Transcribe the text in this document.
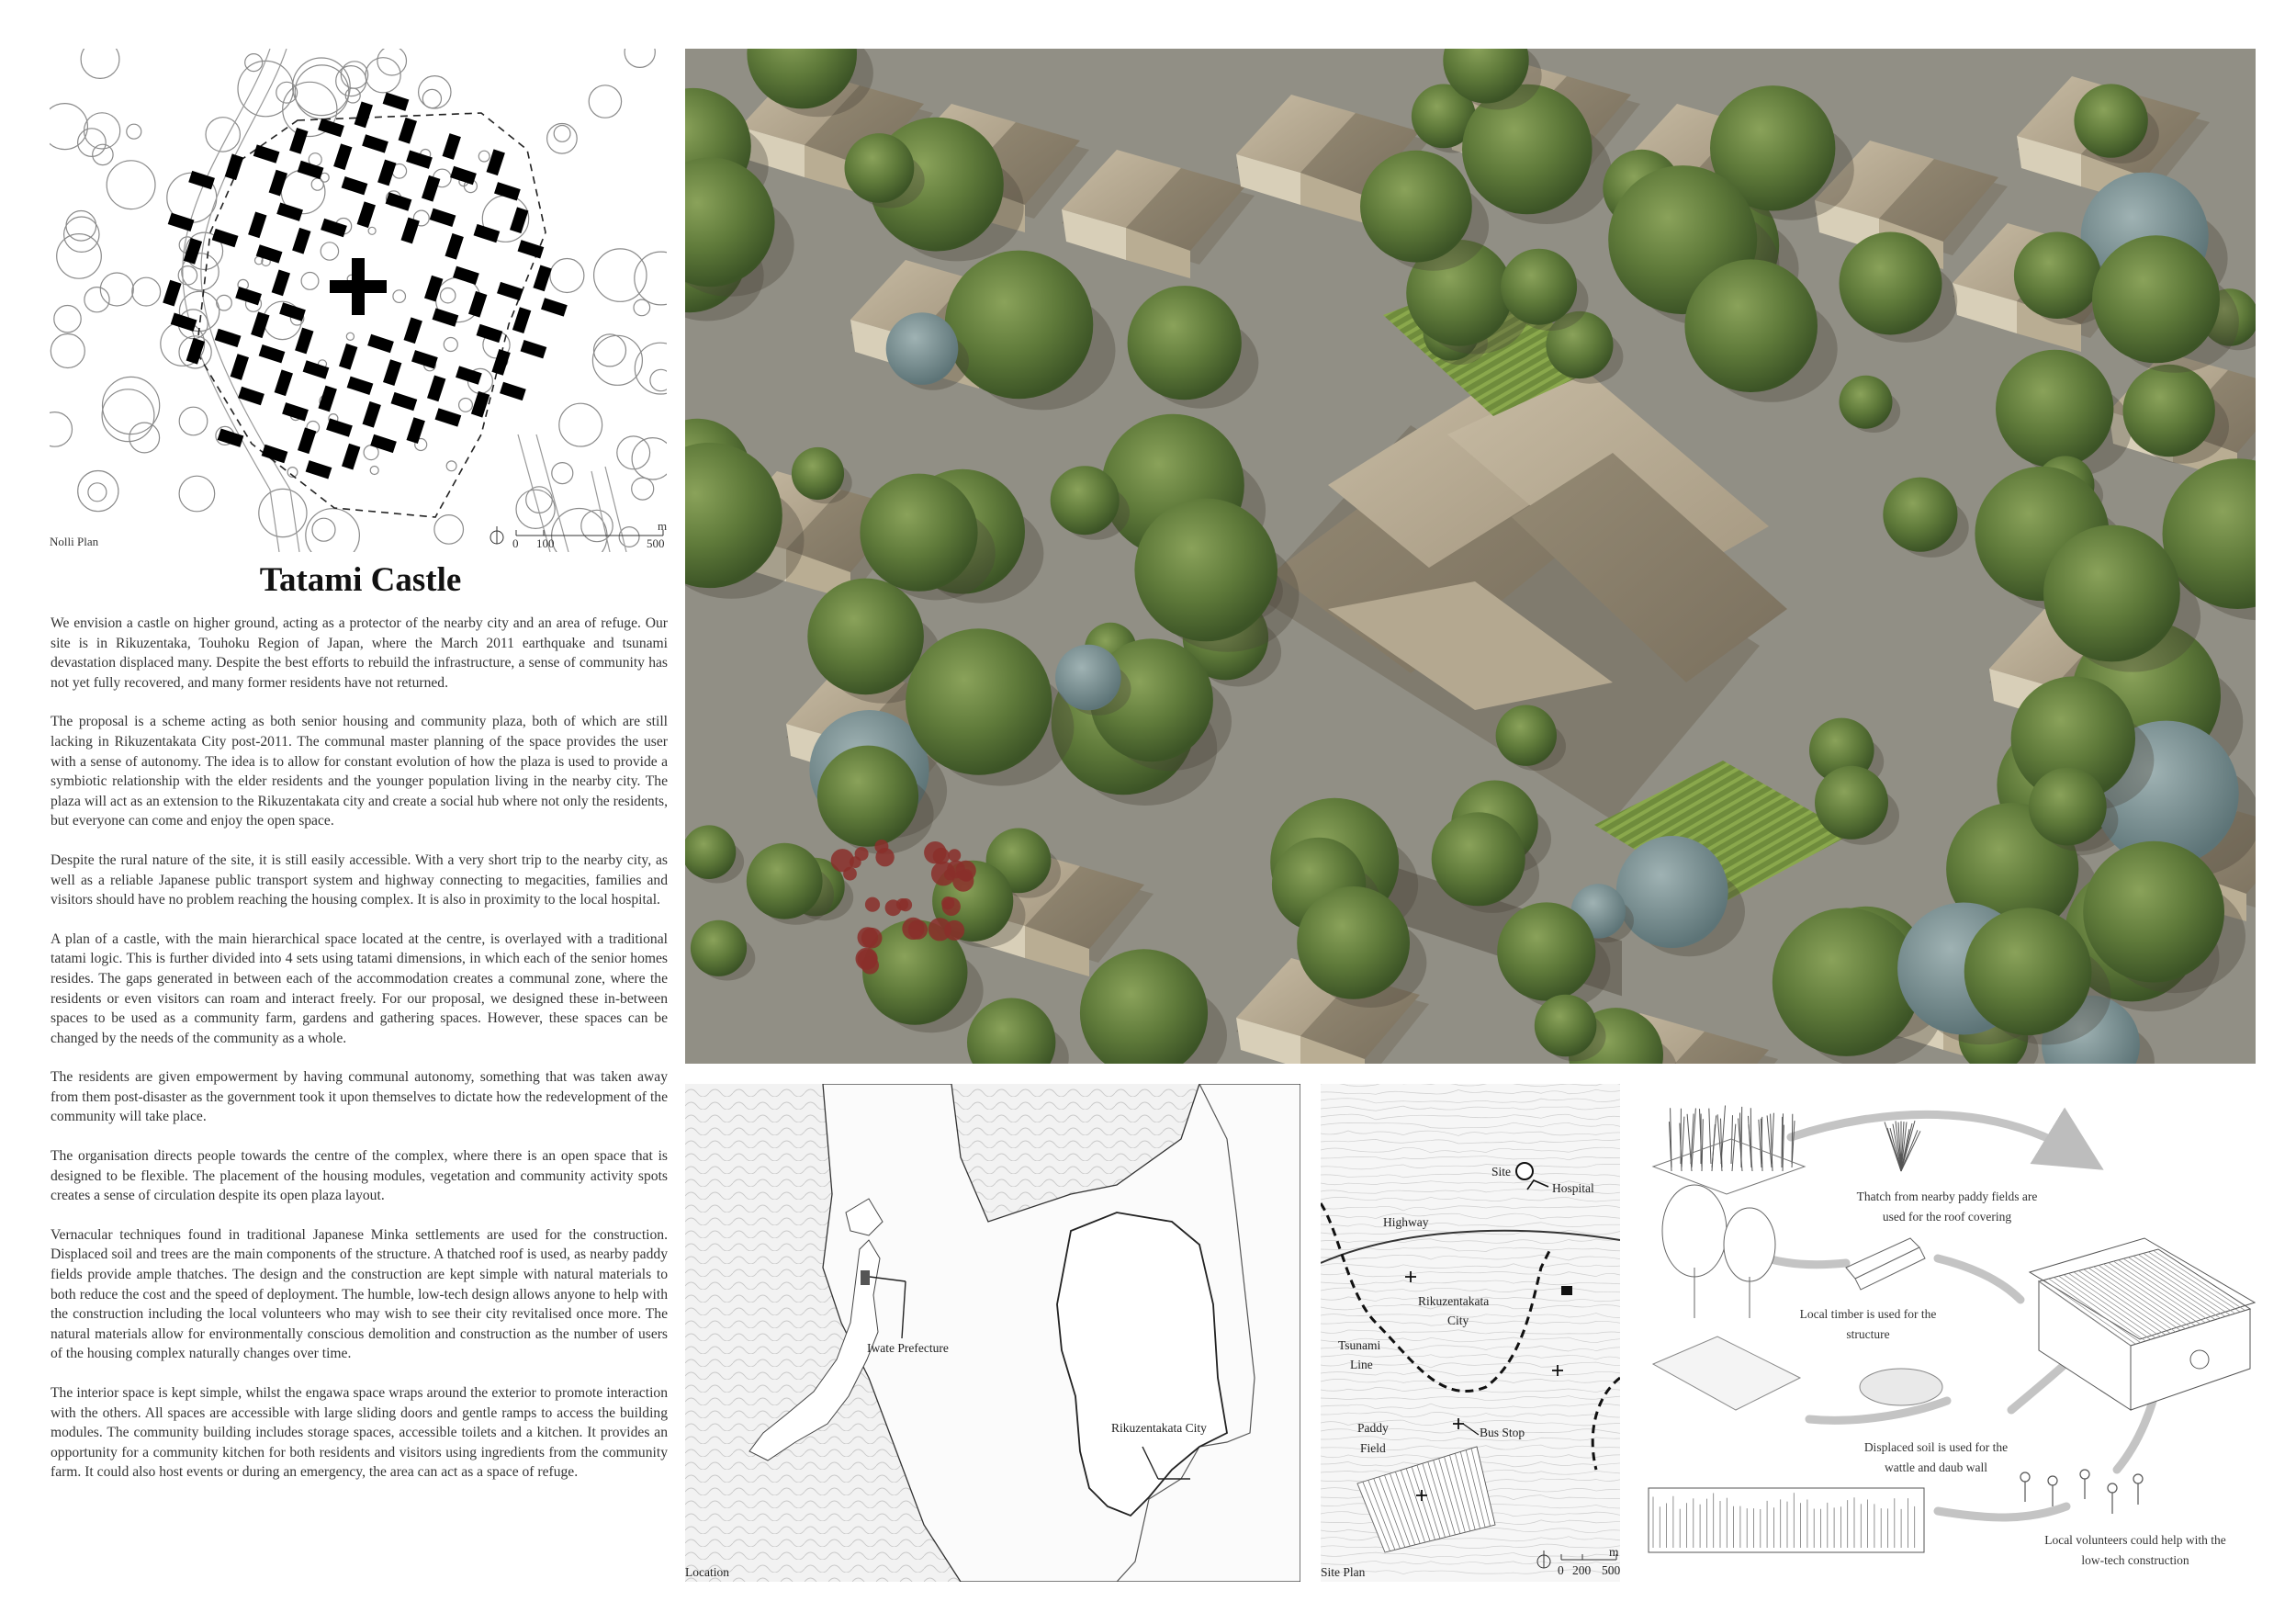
Nolli Plan
m
0 100	500
Tatami Castle

We envision a castle on higher ground, acting as a protector of the nearby city and an area of refuge. Our site is in Rikuzentaka, Touhoku Region of Japan, where the March 2011 earthquake and tsunami devastation displaced many. Despite the best efforts to rebuild the infrastructure, a sense of community has not yet fully recovered, and many former residents have not returned.

The proposal is a scheme acting as both senior housing and community plaza, both of which are still lacking in Rikuzentakata City post-2011. The communal master planning of the space provides the user with a sense of autonomy. The idea is to allow for constant evolution of how the plaza is used to provide a symbiotic relationship with the elder residents and the younger population living in the nearby city. The plaza will act as an extension to the Rikuzentakata city and create a social hub where not only the residents, but everyone can come and enjoy the open space.

Despite the rural nature of the site, it is still easily accessible. With a very short trip to the nearby city, as well as a reliable Japanese public transport system and highway connecting to megacities, families and visitors should have no problem reaching the housing complex. It is also in proximity to the local hospital.

A plan of a castle, with the main hierarchical space located at the centre, is overlayed with a traditional tatami logic. This is further divided into 4 sets using tatami dimensions, in which each of the senior homes resides. The gaps generated in between each of the accommodation creates a communal zone, where the residents or even visitors can roam and interact freely. For our proposal, we designed these in-between spaces to be used as a community farm, gardens and gathering spaces. However, these spaces can be changed by the needs of the community as a whole.

The residents are given empowerment by having communal autonomy, something that was taken away from them post-disaster as the government took it upon themselves to dictate how the redevelopment of the community will take place.

The organisation directs people towards the centre of the complex, where there is an open space that is designed to be flexible. The placement of the housing modules, vegetation and community activity spots creates a sense of circulation despite its open plaza layout.

Vernacular techniques found in traditional Japanese Minka settlements are used for the construction. Displaced soil and trees are the main components of the structure. A thatched roof is used, as nearby paddy fields provide ample thatches. The design and the construction are kept simple with natural materials to both reduce the cost and the speed of deployment. The humble, low-tech design allows anyone to help with the construction including the local volunteers who may wish to see their city revitalised once more. The natural materials allow for environmentally conscious demolition and construction as the number of users of the housing complex naturally changes over time.

The interior space is kept simple, whilst the engawa space wraps around the exterior to promote interaction with the others. All spaces are accessible with large sliding doors and gentle ramps to access the building modules. The community building includes storage spaces, accessible toilets and a kitchen. It provides an opportunity for a community kitchen for both residents and visitors using ingredients from the community farm. It could also host events or during an emergency, the area can act as a space of refuge.

Location
Iwate Prefecture
Rikuzentakata City
Site Plan
Site
Hospital
Highway
Rikuzentakata
City
Tsunami
Line
Paddy
Field
Bus Stop
m
0 200 500
Thatch from nearby paddy fields are
used for the roof covering
Local timber is used for the
structure
Displaced soil is used for the
wattle and daub wall
Local volunteers could help with the
low-tech construction
